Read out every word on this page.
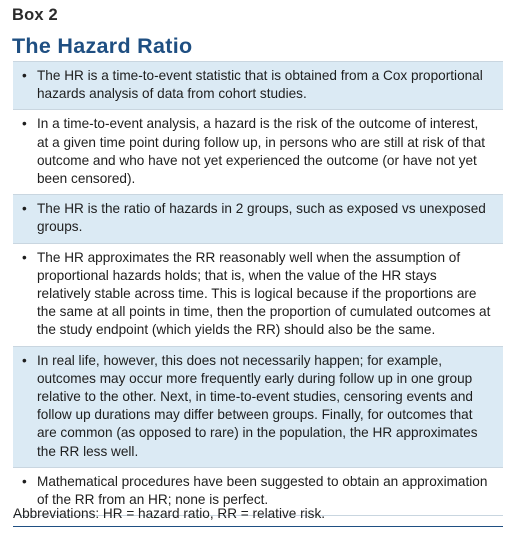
Box 2
The Hazard Ratio
• The HR is a time-to-event statistic that is obtained from a Cox proportional hazards analysis of data from cohort studies.
• In a time-to-event analysis, a hazard is the risk of the outcome of interest, at a given time point during follow up, in persons who are still at risk of that outcome and who have not yet experienced the outcome (or have not yet been censored).
• The HR is the ratio of hazards in 2 groups, such as exposed vs unexposed groups.
• The HR approximates the RR reasonably well when the assumption of proportional hazards holds; that is, when the value of the HR stays relatively stable across time. This is logical because if the proportions are the same at all points in time, then the proportion of cumulated outcomes at the study endpoint (which yields the RR) should also be the same.
• In real life, however, this does not necessarily happen; for example, outcomes may occur more frequently early during follow up in one group relative to the other. Next, in time-to-event studies, censoring events and follow up durations may differ between groups. Finally, for outcomes that are common (as opposed to rare) in the population, the HR approximates the RR less well.
• Mathematical procedures have been suggested to obtain an approximation of the RR from an HR; none is perfect.
Abbreviations: HR = hazard ratio, RR = relative risk.
